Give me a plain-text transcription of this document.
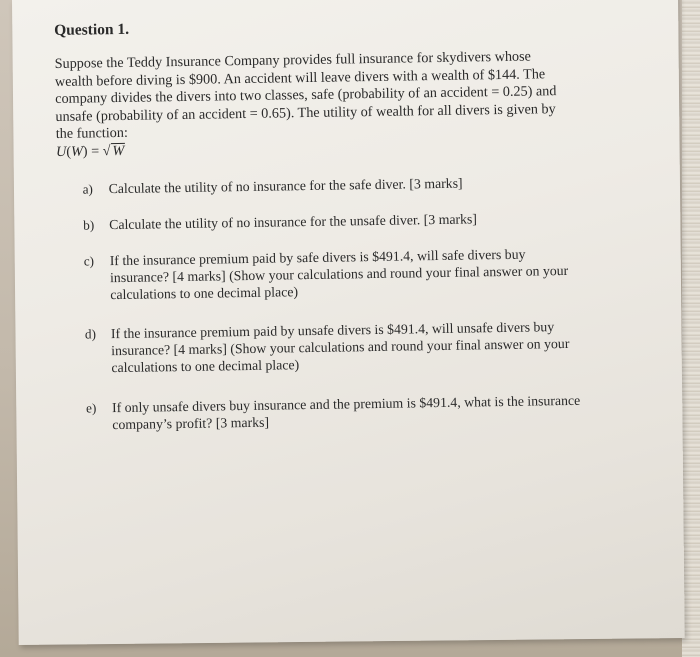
Question 1.

Suppose the Teddy Insurance Company provides full insurance for skydivers whose wealth before diving is $900. An accident will leave divers with a wealth of $144. The company divides the divers into two classes, safe (probability of an accident = 0.25) and unsafe (probability of an accident = 0.65). The utility of wealth for all divers is given by the function:
U(W) = √ W

a) Calculate the utility of no insurance for the safe diver. [3 marks]
b) Calculate the utility of no insurance for the unsafe diver. [3 marks]
c) If the insurance premium paid by safe divers is $491.4, will safe divers buy insurance? [4 marks] (Show your calculations and round your final answer on your calculations to one decimal place)
d) If the insurance premium paid by unsafe divers is $491.4, will unsafe divers buy insurance? [4 marks] (Show your calculations and round your final answer on your calculations to one decimal place)
e) If only unsafe divers buy insurance and the premium is $491.4, what is the insurance company’s profit? [3 marks]
